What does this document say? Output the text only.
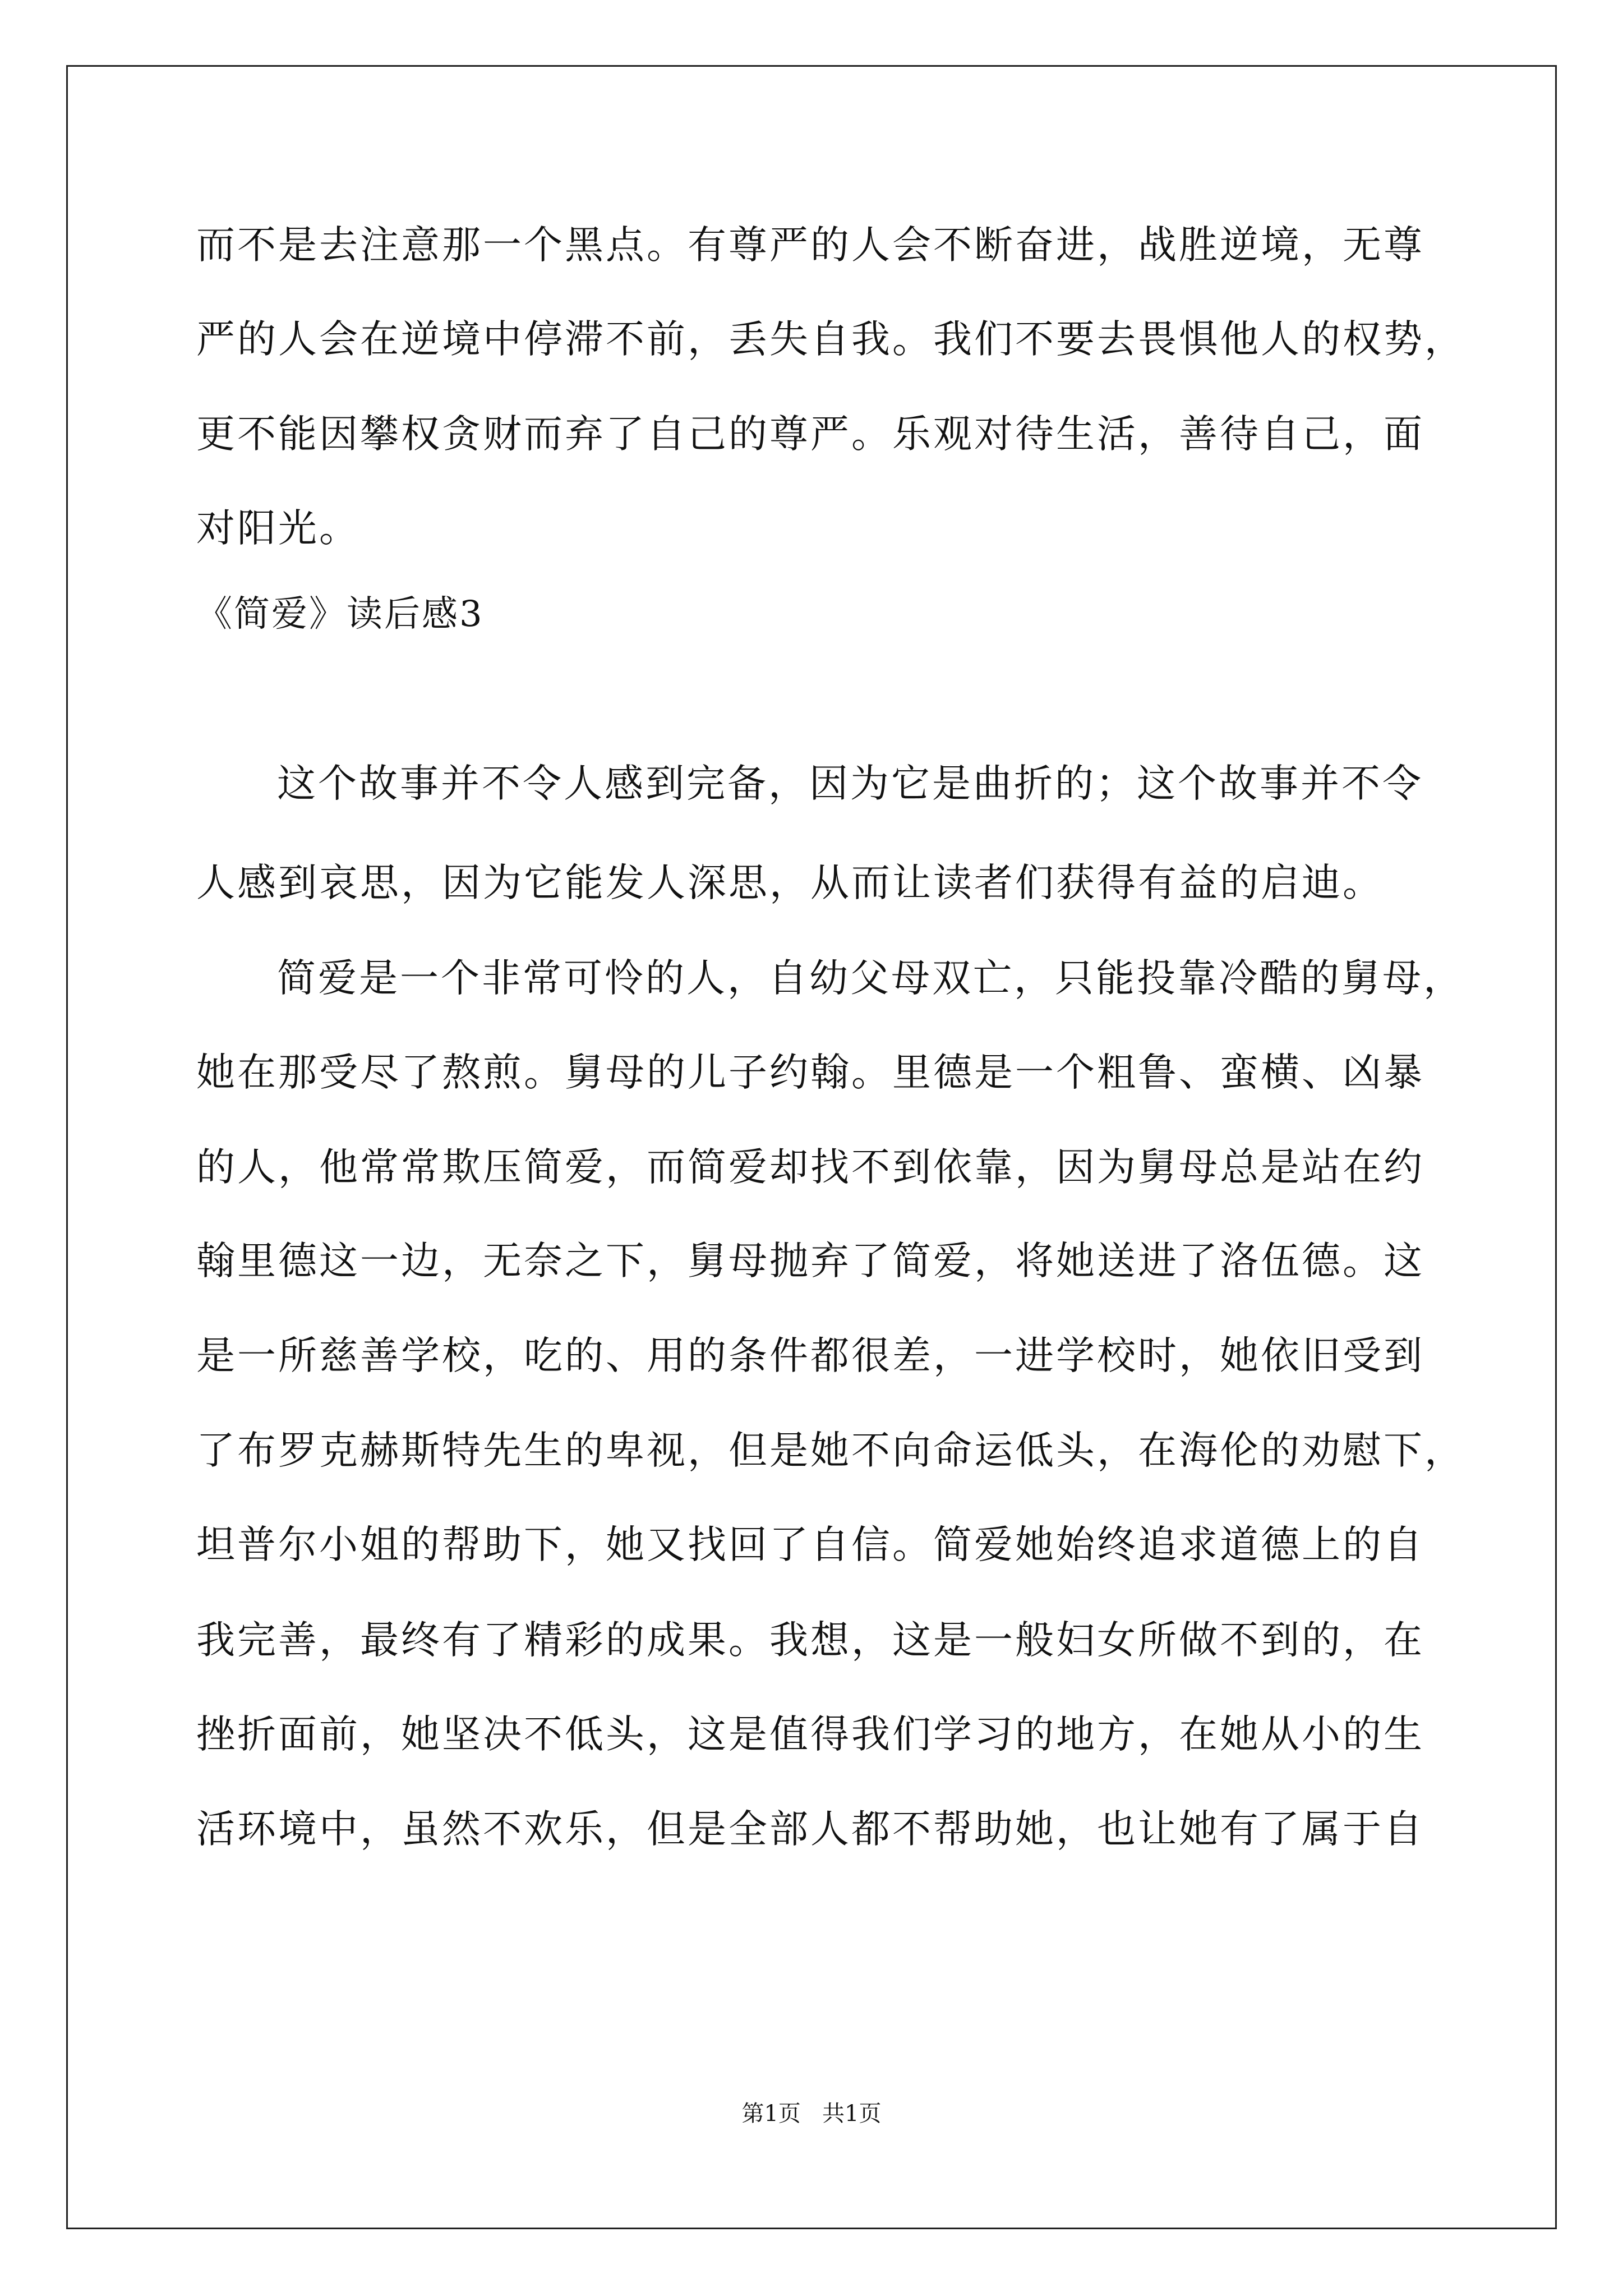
而不是去注意那一个黑点。有尊严的人会不断奋进，战胜逆境，无尊
严的人会在逆境中停滞不前，丢失自我。我们不要去畏惧他人的权势，
更不能因攀权贪财而弃了自己的尊严。乐观对待生活，善待自己，面
对阳光。
《简爱》读后感3
这个故事并不令人感到完备，因为它是曲折的；这个故事并不令
人感到哀思，因为它能发人深思，从而让读者们获得有益的启迪。
简爱是一个非常可怜的人，自幼父母双亡，只能投靠冷酷的舅母，
她在那受尽了熬煎。舅母的儿子约翰。里德是一个粗鲁、蛮横、凶暴
的人，他常常欺压简爱，而简爱却找不到依靠，因为舅母总是站在约
翰里德这一边，无奈之下，舅母抛弃了简爱，将她送进了洛伍德。这
是一所慈善学校，吃的、用的条件都很差，一进学校时，她依旧受到
了布罗克赫斯特先生的卑视，但是她不向命运低头，在海伦的劝慰下，
坦普尔小姐的帮助下，她又找回了自信。简爱她始终追求道德上的自
我完善，最终有了精彩的成果。我想，这是一般妇女所做不到的，在
挫折面前，她坚决不低头，这是值得我们学习的地方，在她从小的生
活环境中，虽然不欢乐，但是全部人都不帮助她，也让她有了属于自
第1页   共1页
